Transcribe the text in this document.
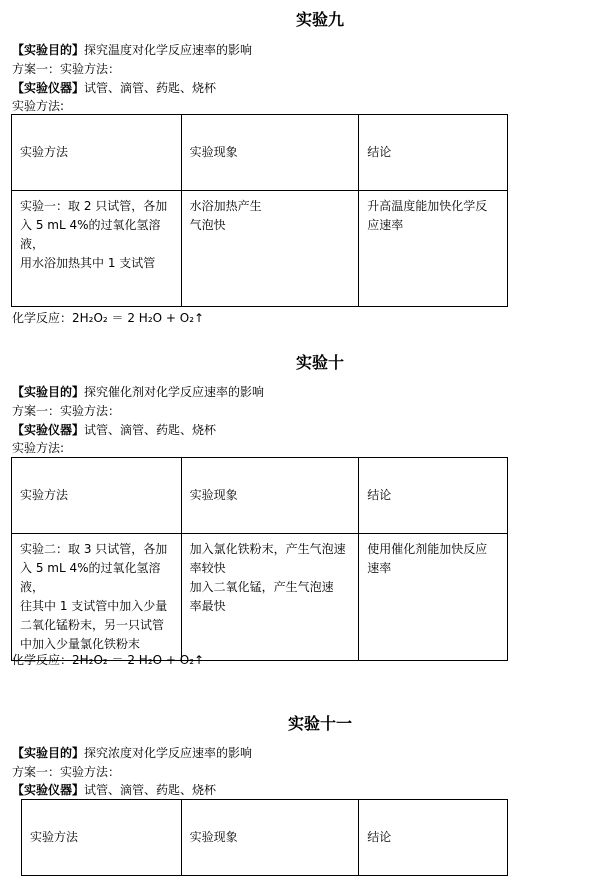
实验九
【实验目的】探究温度对化学反应速率的影响
方案一：实验方法：
【实验仪器】试管、滴管、药匙、烧杯
实验方法:
实验方法	实验现象	结论
实验一：取 2 只试管，各加
入 5 mL 4%的过氧化氢溶液，
用水浴加热其中 1 支试管	水浴加热产生
气泡快	升高温度能加快化学反
应速率
化学反应：2H₂O₂ ＝ 2 H₂O + O₂↑
实验十
【实验目的】探究催化剂对化学反应速率的影响
方案一：实验方法：
【实验仪器】试管、滴管、药匙、烧杯
实验方法:
实验方法	实验现象	结论
实验二：取 3 只试管，各加
入 5 mL 4%的过氧化氢溶液，
往其中 1 支试管中加入少量
二氧化锰粉末，另一只试管
中加入少量氯化铁粉末	加入氯化铁粉末，产生气泡速
率较快
加入二氧化锰，产生气泡速
率最快	使用催化剂能加快反应
速率
化学反应：2H₂O₂ ＝ 2 H₂O + O₂↑
实验十一
【实验目的】探究浓度对化学反应速率的影响
方案一：实验方法：
【实验仪器】试管、滴管、药匙、烧杯
实验方法	实验现象	结论
